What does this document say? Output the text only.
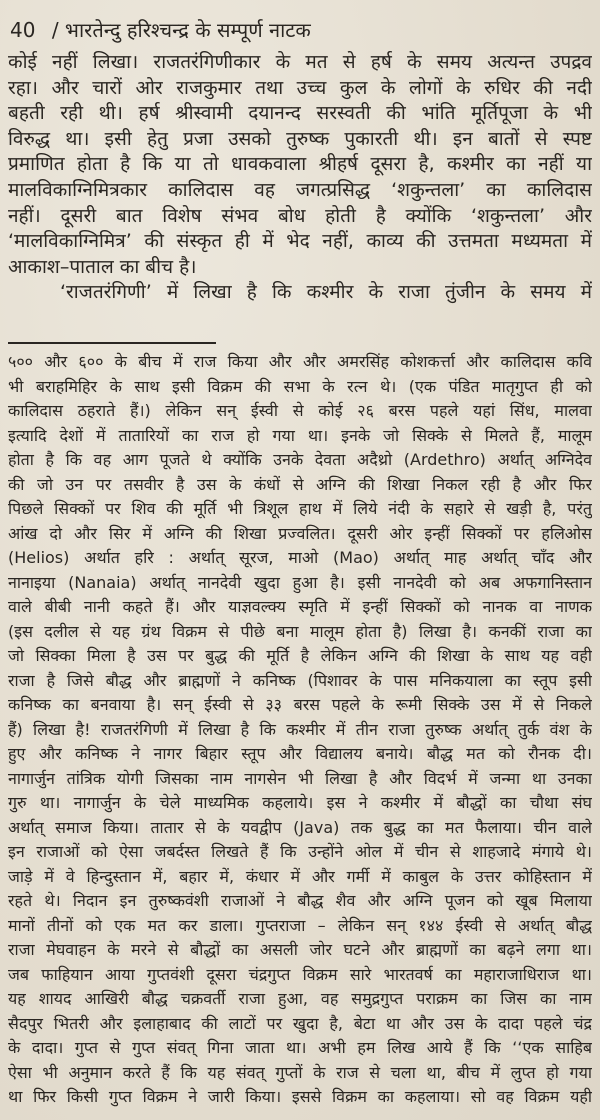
40 / भारतेन्दु हरिश्चन्द्र के सम्पूर्ण नाटक
कोई नहीं लिखा। राजतरंगिणीकार के मत से हर्ष के समय अत्यन्त उपद्रव
रहा। और चारों ओर राजकुमार तथा उच्च कुल के लोगों के रुधिर की नदी
बहती रही थी। हर्ष श्रीस्वामी दयानन्द सरस्वती की भांति मूर्तिपूजा के भी
विरुद्ध था। इसी हेतु प्रजा उसको तुरुष्क पुकारती थी। इन बातों से स्पष्ट
प्रमाणित होता है कि या तो धावकवाला श्रीहर्ष दूसरा है, कश्मीर का नहीं या
मालविकाग्निमित्रकार कालिदास वह जगत्प्रसिद्ध ‘शकुन्तला’ का कालिदास
नहीं। दूसरी बात विशेष संभव बोध होती है क्योंकि ‘शकुन्तला’ और
‘मालविकाग्निमित्र’ की संस्कृत ही में भेद नहीं, काव्य की उत्तमता मध्यमता में
आकाश–पाताल का बीच है।
‘राजतरंगिणी’ में लिखा है कि कश्मीर के राजा तुंजीन के समय में
५०० और ६०० के बीच में राज किया और और अमरसिंह कोशकर्त्ता और कालिदास कवि
भी बराहमिहिर के साथ इसी विक्रम की सभा के रत्न थे। (एक पंडित मातृगुप्त ही को
कालिदास ठहराते हैं।) लेकिन सन् ईस्वी से कोई २६ बरस पहले यहां सिंध, मालवा
इत्यादि देशों में तातारियों का राज हो गया था। इनके जो सिक्के से मिलते हैं, मालूम
होता है कि वह आग पूजते थे क्योंकि उनके देवता अदैथ्रो (Ardethro) अर्थात् अग्निदेव
की जो उन पर तसवीर है उस के कंधों से अग्नि की शिखा निकल रही है और फिर
पिछले सिक्कों पर शिव की मूर्ति भी त्रिशूल हाथ में लिये नंदी के सहारे से खड़ी है, परंतु
आंख दो और सिर में अग्नि की शिखा प्रज्वलित। दूसरी ओर इन्हीं सिक्कों पर हलिओस
(Helios) अर्थात हरि : अर्थात् सूरज, माओ (Mao) अर्थात् माह अर्थात् चाँद और
नानाइया (Nanaia) अर्थात् नानदेवी खुदा हुआ है। इसी नानदेवी को अब अफगानिस्तान
वाले बीबी नानी कहते हैं। और याज्ञवल्क्य स्मृति में इन्हीं सिक्कों को नानक वा नाणक
(इस दलील से यह ग्रंथ विक्रम से पीछे बना मालूम होता है) लिखा है। कनकीं राजा का
जो सिक्का मिला है उस पर बुद्ध की मूर्ति है लेकिन अग्नि की शिखा के साथ यह वही
राजा है जिसे बौद्ध और ब्राह्मणों ने कनिष्क (पिशावर के पास मनिकयाला का स्तूप इसी
कनिष्क का बनवाया है। सन् ईस्वी से ३३ बरस पहले के रूमी सिक्के उस में से निकले
हैं) लिखा है! राजतरंगिणी में लिखा है कि कश्मीर में तीन राजा तुरुष्क अर्थात् तुर्क वंश के
हुए और कनिष्क ने नागर बिहार स्तूप और विद्यालय बनाये। बौद्ध मत को रौनक दी।
नागार्जुन तांत्रिक योगी जिसका नाम नागसेन भी लिखा है और विदर्भ में जन्मा था उनका
गुरु था। नागार्जुन के चेले माध्यमिक कहलाये। इस ने कश्मीर में बौद्धों का चौथा संघ
अर्थात् समाज किया। तातार से के यवद्वीप (Java) तक बुद्ध का मत फैलाया। चीन वाले
इन राजाओं को ऐसा जबर्दस्त लिखते हैं कि उन्होंने ओल में चीन से शाहजादे मंगाये थे।
जाड़े में वे हिन्दुस्तान में, बहार में, कंधार में और गर्मी में काबुल के उत्तर कोहिस्तान में
रहते थे। निदान इन तुरुष्कवंशी राजाओं ने बौद्ध शैव और अग्नि पूजन को खूब मिलाया
मानों तीनों को एक मत कर डाला। गुप्तराजा – लेकिन सन् १४४ ईस्वी से अर्थात् बौद्ध
राजा मेघवाहन के मरने से बौद्धों का असली जोर घटने और ब्राह्मणों का बढ़ने लगा था।
जब फाहियान आया गुप्तवंशी दूसरा चंद्रगुप्त विक्रम सारे भारतवर्ष का महाराजाधिराज था।
यह शायद आखिरी बौद्ध चक्रवर्ती राजा हुआ, वह समुद्रगुप्त पराक्रम का जिस का नाम
सैदपुर भितरी और इलाहाबाद की लाटों पर खुदा है, बेटा था और उस के दादा पहले चंद्र
के दादा। गुप्त से गुप्त संवत् गिना जाता था। अभी हम लिख आये हैं कि ‘‘एक साहिब
ऐसा भी अनुमान करते हैं कि यह संवत् गुप्तों के राज से चला था, बीच में लुप्त हो गया
था फिर किसी गुप्त विक्रम ने जारी किया। इससे विक्रम का कहलाया। सो वह विक्रम यही
